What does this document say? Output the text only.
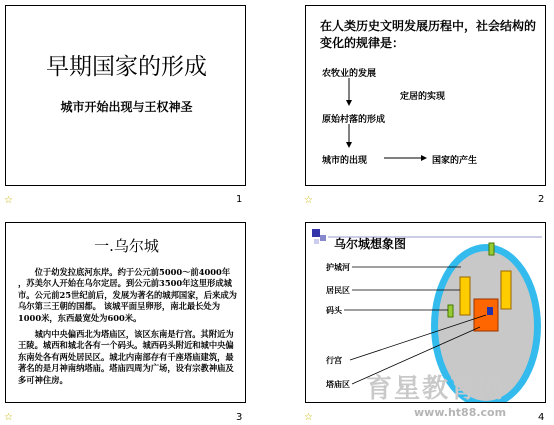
早期国家的形成
城市开始出现与王权神圣
☆	1
在人类历史文明发展历程中，社会结构的变化的规律是：
农牧业的发展
定居的实现
原始村落的形成
城市的出现	国家的产生
☆	2
一.乌尔城

位于幼发拉底河东岸。约于公元前5000～前4000年 ，苏美尔人开始在乌尔定居。到公元前3500年这里形成城市。公元前25世纪前后，发展为著名的城邦国家，后来成为乌尔第三王朝的国都。 该城平面呈卵形，南北最长处为1000米，东西最宽处为600米。

城内中央偏西北为塔庙区，该区东南是行宫。其附近为王陵。城西和城北各有一个码头。城西码头附近和城中央偏东南处各有两处居民区。城北内南部存有千座塔庙建筑，最著名的是月神南纳塔庙。塔庙四周为广场，设有宗教神庙及多可神住房。

☆	3
乌尔城想象图
护城河
居民区
码头
行宫
塔庙区
☆	4
育星教育网
www.ht88.com
